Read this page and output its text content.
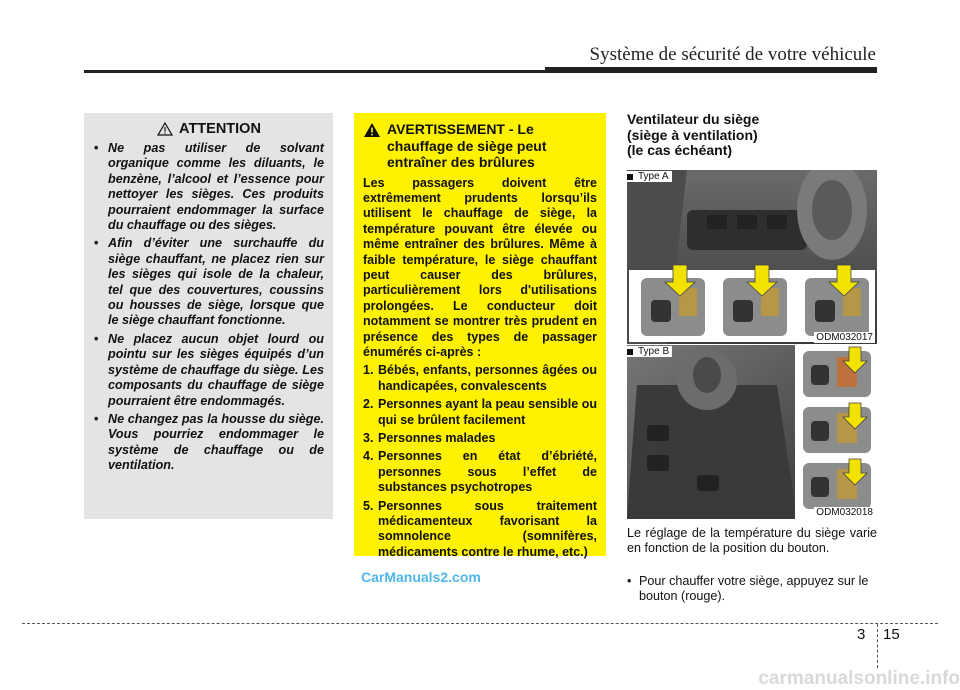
Système de sécurité de votre véhicule
ATTENTION
• Ne pas utiliser de solvant organique comme les diluants, le benzène, l’alcool et l’essence pour nettoyer les sièges. Ces produits pourraient endommager la surface du chauffage ou des sièges.
• Afin d’éviter une surchauffe du siège chauffant, ne placez rien sur les sièges qui isole de la chaleur, tel que des couvertures, coussins ou housses de siège, lorsque que le siège chauffant fonctionne.
• Ne placez aucun objet lourd ou pointu sur les sièges équipés d’un système de chauffage du siège. Les composants du chauffage de siège pourraient être endommagés.
• Ne changez pas la housse du siège. Vous pourriez endommager le système de chauffage ou de ventilation.
AVERTISSEMENT - Le chauffage de siège peut entraîner des brûlures

Les passagers doivent être extrêmement prudents lorsqu’ils utilisent le chauffage de siège, la température pouvant être élevée ou même entraîner des brûlures. Même à faible température, le siège chauffant peut causer des brûlures, particulièrement lors d'utilisations prolongées. Le conducteur doit notamment se montrer très prudent en présence des types de passager énumérés ci-après :

1. Bébés, enfants, personnes âgées ou handicapées, convalescents
2. Personnes ayant la peau sensible ou qui se brûlent facilement
3. Personnes malades
4. Personnes en état d’ébriété, personnes sous l’effet de substances psychotropes
5. Personnes sous traitement médicamenteux favorisant la somnolence (somnifères, médicaments contre le rhume, etc.)
Ventilateur du siège
(siège à ventilation)
(le cas échéant)
Type A
ODM032017
Type B
ODM032018

Le réglage de la température du siège varie en fonction de la position du bouton.

• Pour chauffer votre siège, appuyez sur le bouton (rouge).

CarManuals2.com
3 15
carmanualsonline.info
